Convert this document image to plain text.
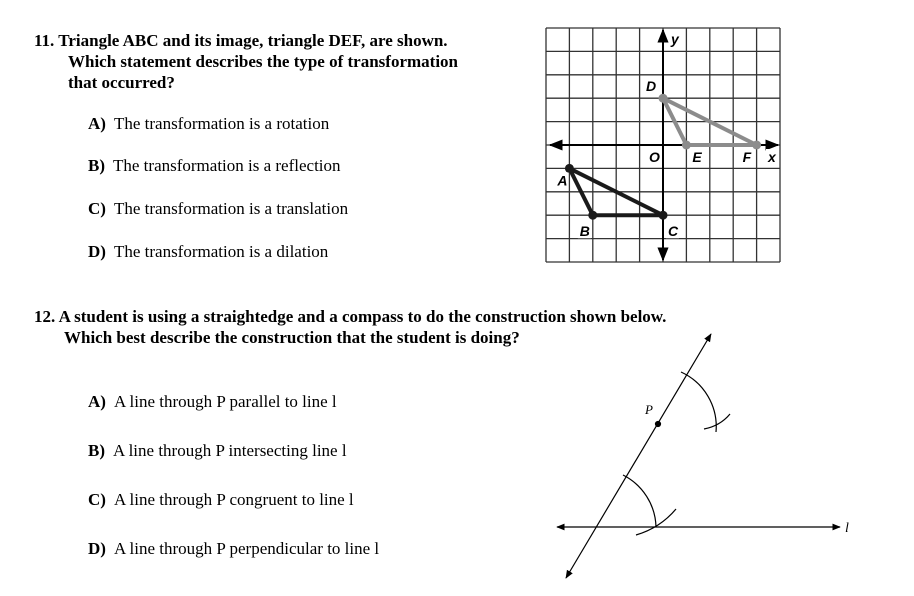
11. Triangle ABC and its image, triangle DEF, are shown.
Which statement describes the type of transformation
that occurred?
A) The transformation is a rotation
B) The transformation is a reflection
C) The transformation is a translation
D) The transformation is a dilation
12. A student is using a straightedge and a compass to do the construction shown below.
Which best describe the construction that the student is doing?
A) A line through P parallel to line l
B) A line through P intersecting line l
C) A line through P congruent to line l
D) A line through P perpendicular to line l
y
x
O
A
B	C
D
E	F
P
l
